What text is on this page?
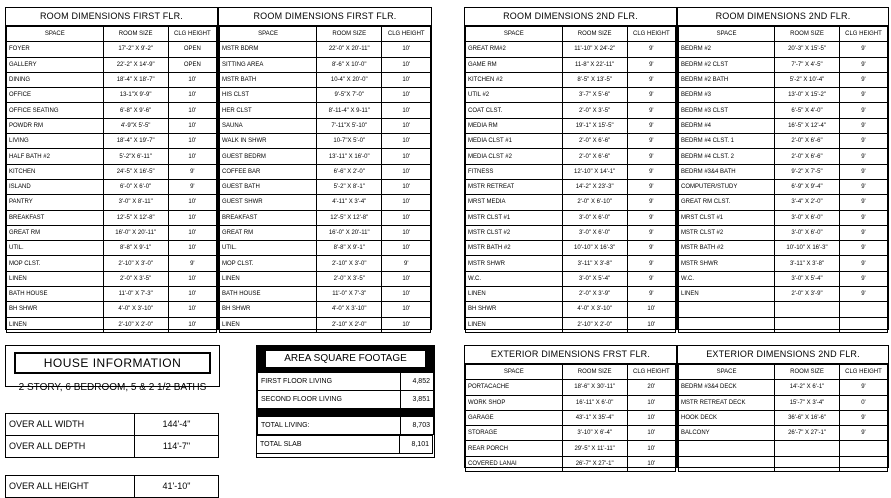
ROOM DIMENSIONS FIRST FLR.
SPACE	ROOM SIZE	CLG HEIGHT
FOYER	17'-2" X 9'-2"	OPEN
GALLERY	22'-2" X 14'-9"	OPEN
DINING	18'-4" X 18'-7"	10'
OFFICE	13-1"X 9'-9"	10'
OFFICE SEATING	6'-8" X 9'-6"	10'
POWDR RM	4'-9"X 5'-5"	10'
LIVING	18'-4" X 19'-7"	10'
HALF BATH #2	5'-2"X 6'-11"	10'
KITCHEN	24'-5" X 16'-5"	9'
ISLAND	6'-0" X 6'-0"	9'
PANTRY	3'-0" X 8'-11"	10'
BREAKFAST	12'-5" X 12'-8"	10'
GREAT RM	16'-0" X 20'-11"	10'
UTIL.	8'-8" X 9'-1"	10'
MOP CLST.	2'-10" X 3'-0"	9'
LINEN	2'-0" X 3'-5"	10'
BATH HOUSE	11'-0" X 7'-3"	10'
BH SHWR	4'-0" X 3'-10"	10'
LINEN	2'-10" X 2'-0"	10'
ROOM DIMENSIONS FIRST FLR.
SPACE	ROOM SIZE	CLG HEIGHT
MSTR BDRM	22'-0" X 20'-11"	10'
SITTING AREA	8'-6" X 10'-0"	10'
MSTR BATH	10-4" X 20'-0"	10'
HIS CLST	9'-5"X 7'-0"	10'
HER CLST	8'-11-4" X 9-11"	10'
SAUNA	7'-11"X 5'-10"	10'
WALK IN SHWR	10-7"X 5'-0"	10'
GUEST BEDRM	13'-11" X 16'-0"	10'
COFFEE BAR	6'-6" X 2'-0"	10'
GUEST BATH	5'-2" X 8'-1"	10'
GUEST SHWR	4'-11" X 3'-4"	10'
BREAKFAST	12'-5" X 12'-8"	10'
GREAT RM	16'-0" X 20'-11"	10'
UTIL.	8'-8" X 9'-1"	10'
MOP CLST.	2'-10" X 3'-0"	9'
LINEN	2'-0" X 3'-5"	10'
BATH HOUSE	11'-0" X 7'-3"	10'
BH SHWR	4'-0" X 3'-10"	10'
LINEN	2'-10" X 2'-0"	10'
ROOM DIMENSIONS 2ND FLR.
SPACE	ROOM SIZE	CLG HEIGHT
GREAT RM#2	11'-10" X 24'-2"	9'
GAME RM	11-8" X 22'-11"	9'
KITCHEN #2	8'-5" X 13'-5"	9'
UTIL #2	3'-7" X 5'-6"	9'
COAT CLST.	2'-0" X 3'-5"	9'
MEDIA RM	19'-1" X 15'-5"	9'
MEDIA CLST #1	2'-0" X 6'-6"	9'
MEDIA CLST #2	2'-0" X 6'-6"	9'
FITNESS	12'-10" X 14'-1"	9'
MSTR RETREAT	14'-2" X 23'-3"	9'
MRST MEDIA	2'-0" X 6'-10"	9'
MSTR CLST #1	3'-0" X 6'-0"	9'
MSTR CLST #2	3'-0" X 6'-0"	9'
MSTR BATH #2	10'-10" X 16'-3"	9'
MSTR SHWR	3'-11" X 3'-8"	9'
W.C.	3'-0" X 5'-4"	9'
LINEN	2'-0" X 3'-9"	9'
BH SHWR	4'-0" X 3'-10"	10'
LINEN	2'-10" X 2'-0"	10'
ROOM DIMENSIONS 2ND FLR.
SPACE	ROOM SIZE	CLG HEIGHT
BEDRM #2	20'-3" X 15'-5"	9'
BEDRM #2 CLST	7'-7" X 4'-5"	9'
BEDRM #2 BATH	5'-2" X 10'-4"	9'
BEDRM #3	13'-0" X 15'-2"	9'
BEDRM #3 CLST	6'-5" X 4'-0"	9'
BEDRM #4	16'-5" X 12'-4"	9'
BEDRM #4 CLST. 1	2'-0" X 6'-6"	9'
BEDRM #4 CLST. 2	2'-0" X 6'-6"	9'
BEDRM #3&4 BATH	9'-2" X 7'-5"	9'
COMPUTER/STUDY	6'-9" X 9'-4"	9'
GREAT RM CLST.	3'-4" X 2'-0"	9'
MRST CLST #1	3'-0" X 6'-0"	9'
MSTR CLST #2	3'-0" X 6'-0"	9'
MSTR BATH #2	10'-10" X 16'-3"	9'
MSTR SHWR	3'-11" X 3'-8"	9'
W.C.	3'-0" X 5'-4"	9'
LINEN	2'-0" X 3'-9"	9'

EXTERIOR DIMENSIONS FRST FLR.
SPACE	ROOM SIZE	CLG HEIGHT
PORTACACHE	18'-6" X 30'-11"	20'
WORK SHOP	16'-11" X 6'-0"	10'
GARAGE	43'-1" X 35'-4"	10'
STORAGE	3'-10" X 6'-4"	10'
REAR PORCH	29'-5" X 11'-11"	10'
COVERED LANAI	26'-7" X 27'-1"	10'
EXTERIOR DIMENSIONS 2ND FLR.
SPACE	ROOM SIZE	CLG HEIGHT
BEDRM #3&4 DECK	14'-2" X 6'-1"	9'
MSTR RETREAT DECK	15'-7" X 3'-4"	0'
HOOK DECK	36'-6" X 16'-6"	9'
BALCONY	26'-7" X 27'-1"	9'

HOUSE INFORMATION
2 STORY, 6 BEDROOM, 5 & 2 1/2 BATHS
OVER ALL WIDTH	144'-4"
OVER ALL DEPTH	114'-7"
OVER ALL HEIGHT	41'-10"
AREA SQUARE FOOTAGE
FIRST FLOOR LIVING	4,852
SECOND FLOOR LIVING	3,851
TOTAL LIVING:	8,703
TOTAL SLAB	8,101
